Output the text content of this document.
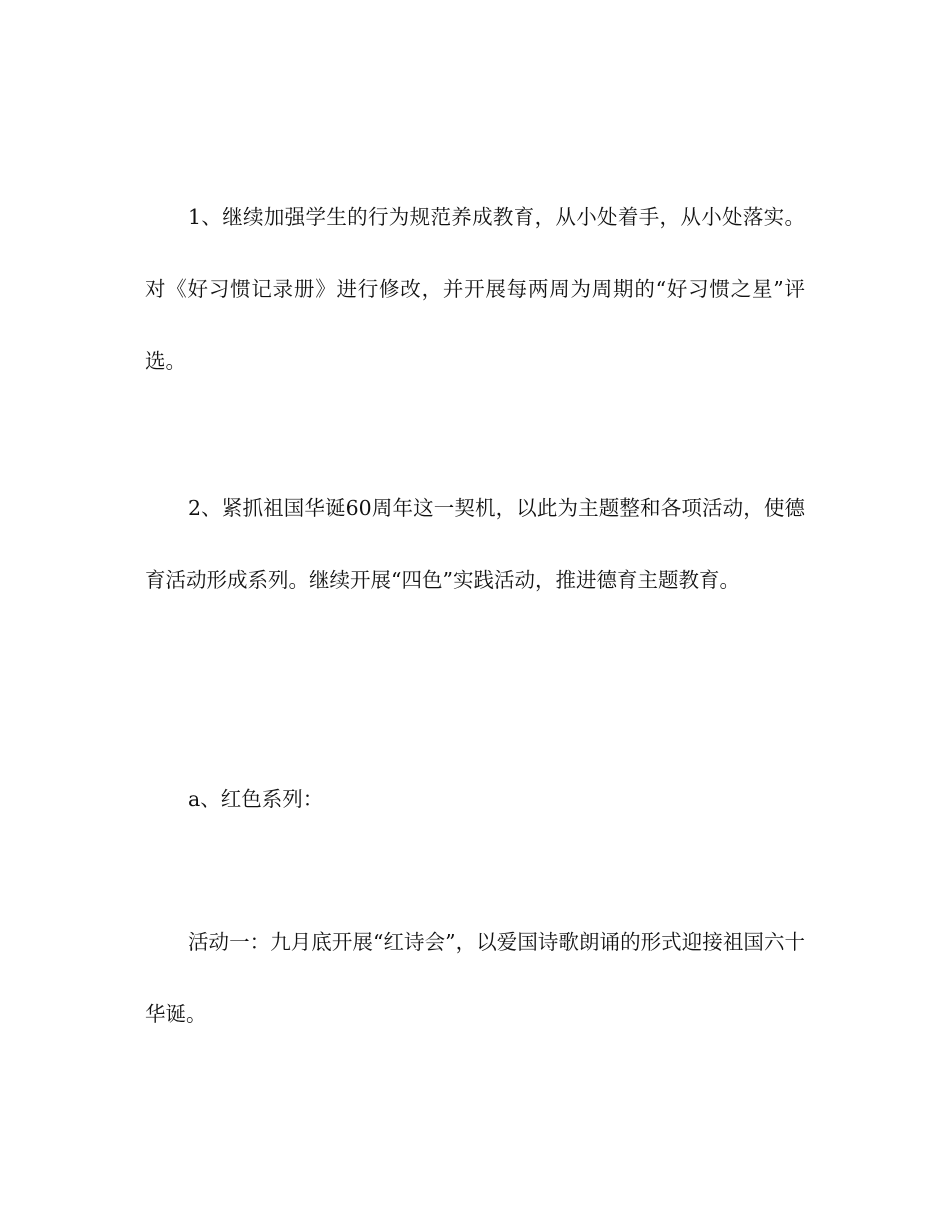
1、继续加强学生的行为规范养成教育，从小处着手，从小处落实。对《好习惯记录册》进行修改，并开展每两周为周期的“好习惯之星”评选。

2、紧抓祖国华诞60周年这一契机，以此为主题整和各项活动，使德育活动形成系列。继续开展“四色”实践活动，推进德育主题教育。

a、红色系列：

活动一：九月底开展“红诗会”，以爱国诗歌朗诵的形式迎接祖国六十华诞。
